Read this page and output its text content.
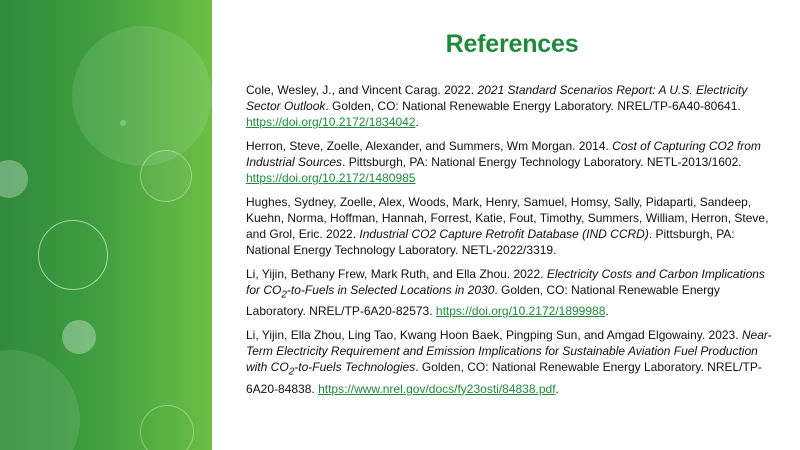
References

Cole, Wesley, J., and Vincent Carag. 2022. 2021 Standard Scenarios Report: A U.S. Electricity Sector Outlook. Golden, CO: National Renewable Energy Laboratory. NREL/TP-6A40-80641. https://doi.org/10.2172/1834042.

Herron, Steve, Zoelle, Alexander, and Summers, Wm Morgan. 2014. Cost of Capturing CO2 from Industrial Sources. Pittsburgh, PA: National Energy Technology Laboratory. NETL-2013/1602. https://doi.org/10.2172/1480985

Hughes, Sydney, Zoelle, Alex, Woods, Mark, Henry, Samuel, Homsy, Sally, Pidaparti, Sandeep, Kuehn, Norma, Hoffman, Hannah, Forrest, Katie, Fout, Timothy, Summers, William, Herron, Steve, and Grol, Eric. 2022. Industrial CO2 Capture Retrofit Database (IND CCRD). Pittsburgh, PA: National Energy Technology Laboratory. NETL-2022/3319.

Li, Yijin, Bethany Frew, Mark Ruth, and Ella Zhou. 2022. Electricity Costs and Carbon Implications for $CO_2-to$-Fuels in Selected Locations in 2030. Golden, CO: National Renewable Energy Laboratory. NREL/TP-6A20-82573. https://doi.org/10.2172/1899988.

Li, Yijin, Ella Zhou, Ling Tao, Kwang Hoon Baek, Pingping Sun, and Amgad Elgowainy. 2023. Near-Term Electricity Requirement and Emission Implications for Sustainable Aviation Fuel Production with $CO_2-to$-Fuels Technologies. Golden, CO: National Renewable Energy Laboratory. NREL/TP-6A20-84838. https://www.nrel.gov/docs/fy23osti/84838.pdf.
